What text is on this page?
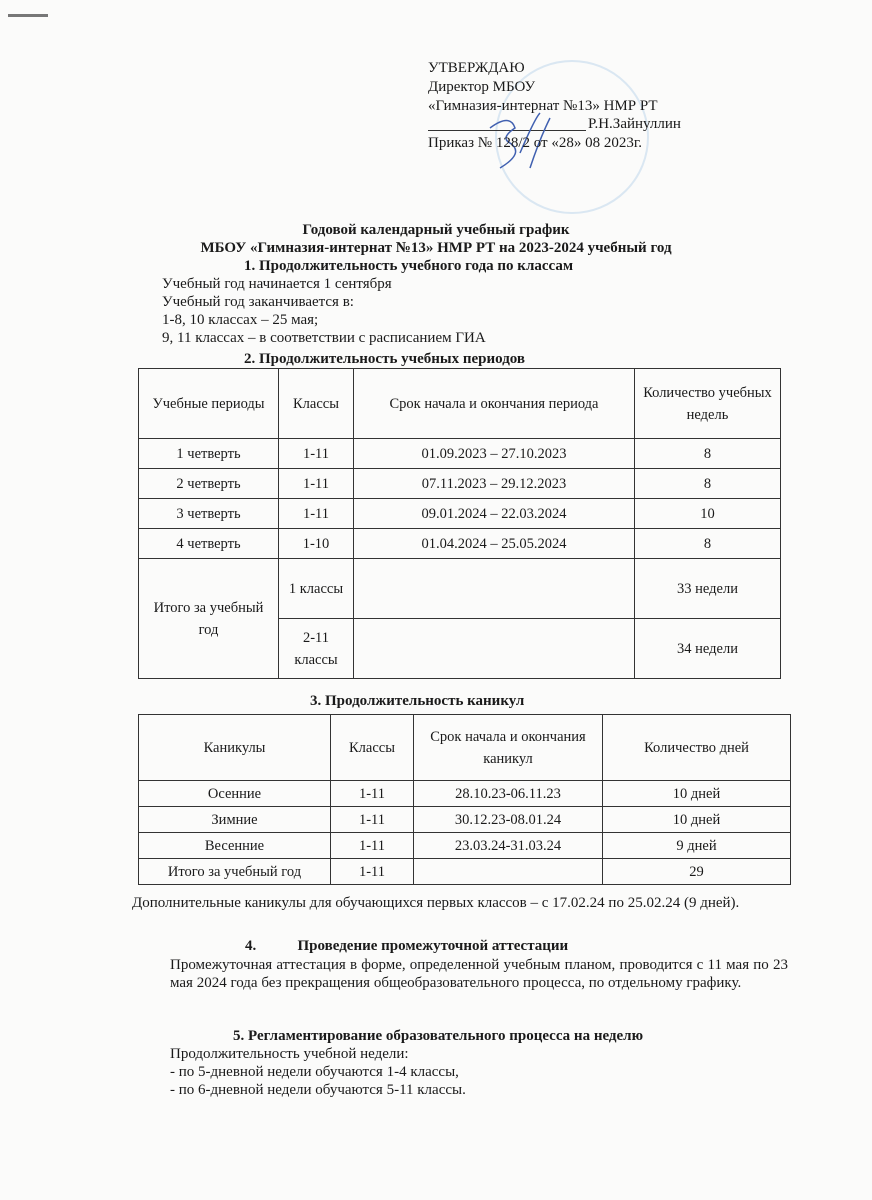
УТВЕРЖДАЮ
Директор МБОУ
«Гимназия-интернат №13» НМР РТ
Р.Н.Зайнуллин
Приказ № 128/2 от «28» 08 2023г.
Годовой календарный учебный график
МБОУ «Гимназия-интернат №13» НМР РТ на 2023-2024 учебный год
1. Продолжительность учебного года по классам
Учебный год начинается 1 сентября
Учебный год заканчивается в:
1-8, 10 классах – 25 мая;
9, 11 классах – в соответствии с расписанием ГИА
2. Продолжительность учебных периодов
Учебные периоды	Классы	Срок начала и окончания периода	Количество учебных недель
1 четверть	1-11	01.09.2023 – 27.10.2023	8
2 четверть	1-11	07.11.2023 – 29.12.2023	8
3 четверть	1-11	09.01.2024 – 22.03.2024	10
4 четверть	1-10	01.04.2024 – 25.05.2024	8
Итого за учебный год	1 классы		33 недели
	2-11 классы		34 недели
3. Продолжительность каникул
Каникулы	Классы	Срок начала и окончания каникул	Количество дней
Осенние	1-11	28.10.23-06.11.23	10 дней
Зимние	1-11	30.12.23-08.01.24	10 дней
Весенние	1-11	23.03.24-31.03.24	9 дней
Итого за учебный год	1-11		29
Дополнительные каникулы для обучающихся первых классов – с 17.02.24 по 25.02.24 (9 дней).
4.           Проведение промежуточной аттестации
Промежуточная аттестация в форме, определенной учебным планом, проводится с 11 мая по 23 мая 2024 года без прекращения общеобразовательного процесса, по отдельному графику.
5. Регламентирование образовательного процесса на неделю
Продолжительность учебной недели:
- по 5-дневной недели обучаются 1-4 классы,
- по 6-дневной недели обучаются 5-11 классы.
